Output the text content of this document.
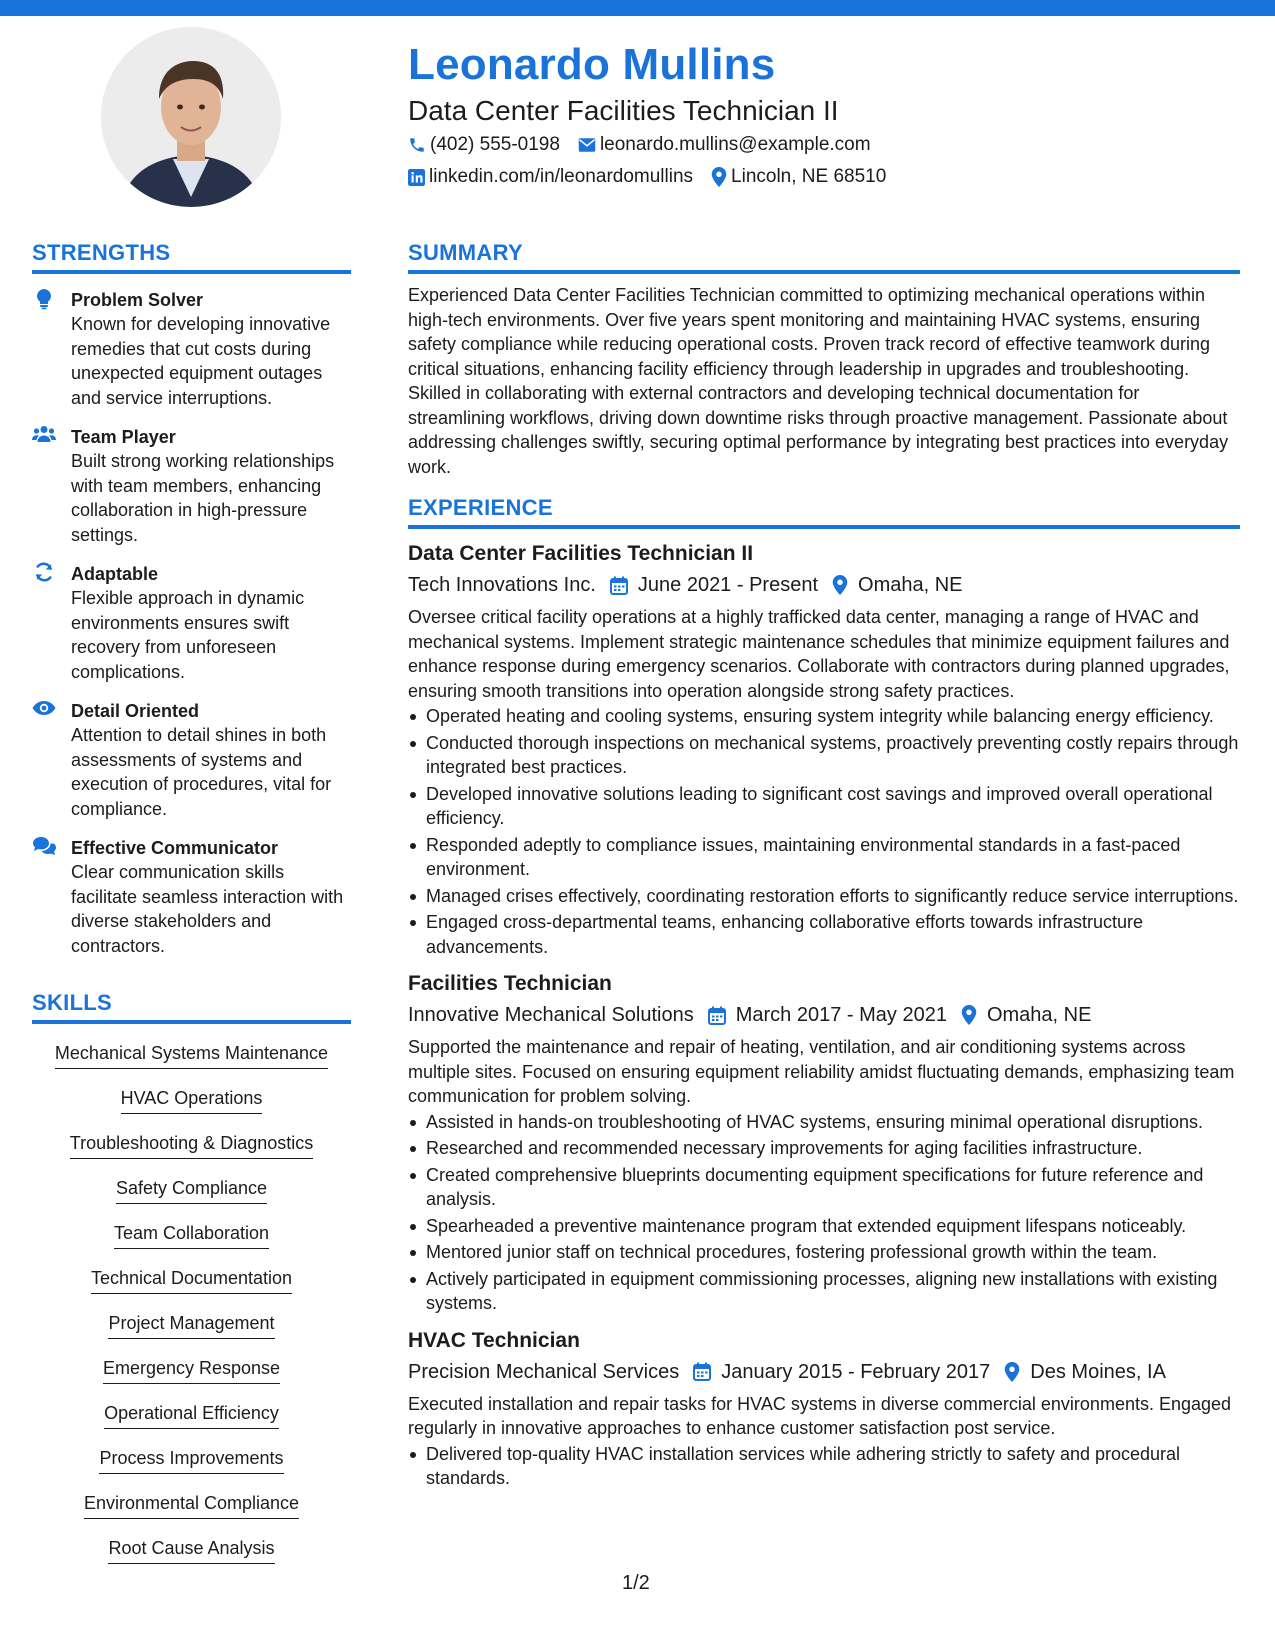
Leonardo Mullins
Data Center Facilities Technician II
(402) 555-0198 leonardo.mullins@example.com
linkedin.com/in/leonardomullins Lincoln, NE 68510
STRENGTHS
Problem Solver
Known for developing innovative remedies that cut costs during unexpected equipment outages and service interruptions.
Team Player
Built strong working relationships with team members, enhancing collaboration in high-pressure settings.
Adaptable
Flexible approach in dynamic environments ensures swift recovery from unforeseen complications.
Detail Oriented
Attention to detail shines in both assessments of systems and execution of procedures, vital for compliance.
Effective Communicator
Clear communication skills facilitate seamless interaction with diverse stakeholders and contractors.
SKILLS
Mechanical Systems Maintenance
HVAC Operations
Troubleshooting & Diagnostics
Safety Compliance
Team Collaboration
Technical Documentation
Project Management
Emergency Response
Operational Efficiency
Process Improvements
Environmental Compliance
Root Cause Analysis
SUMMARY
Experienced Data Center Facilities Technician committed to optimizing mechanical operations within high-tech environments. Over five years spent monitoring and maintaining HVAC systems, ensuring safety compliance while reducing operational costs. Proven track record of effective teamwork during critical situations, enhancing facility efficiency through leadership in upgrades and troubleshooting. Skilled in collaborating with external contractors and developing technical documentation for streamlining workflows, driving down downtime risks through proactive management. Passionate about addressing challenges swiftly, securing optimal performance by integrating best practices into everyday work.
EXPERIENCE
Data Center Facilities Technician II
Tech Innovations Inc. June 2021 - Present Omaha, NE
Oversee critical facility operations at a highly trafficked data center, managing a range of HVAC and mechanical systems. Implement strategic maintenance schedules that minimize equipment failures and enhance response during emergency scenarios. Collaborate with contractors during planned upgrades, ensuring smooth transitions into operation alongside strong safety practices.
Operated heating and cooling systems, ensuring system integrity while balancing energy efficiency.
Conducted thorough inspections on mechanical systems, proactively preventing costly repairs through integrated best practices.
Developed innovative solutions leading to significant cost savings and improved overall operational efficiency.
Responded adeptly to compliance issues, maintaining environmental standards in a fast-paced environment.
Managed crises effectively, coordinating restoration efforts to significantly reduce service interruptions.
Engaged cross-departmental teams, enhancing collaborative efforts towards infrastructure advancements.
Facilities Technician
Innovative Mechanical Solutions March 2017 - May 2021 Omaha, NE
Supported the maintenance and repair of heating, ventilation, and air conditioning systems across multiple sites. Focused on ensuring equipment reliability amidst fluctuating demands, emphasizing team communication for problem solving.
Assisted in hands-on troubleshooting of HVAC systems, ensuring minimal operational disruptions.
Researched and recommended necessary improvements for aging facilities infrastructure.
Created comprehensive blueprints documenting equipment specifications for future reference and analysis.
Spearheaded a preventive maintenance program that extended equipment lifespans noticeably.
Mentored junior staff on technical procedures, fostering professional growth within the team.
Actively participated in equipment commissioning processes, aligning new installations with existing systems.
HVAC Technician
Precision Mechanical Services January 2015 - February 2017 Des Moines, IA
Executed installation and repair tasks for HVAC systems in diverse commercial environments. Engaged regularly in innovative approaches to enhance customer satisfaction post service.
Delivered top-quality HVAC installation services while adhering strictly to safety and procedural standards.
1/2
